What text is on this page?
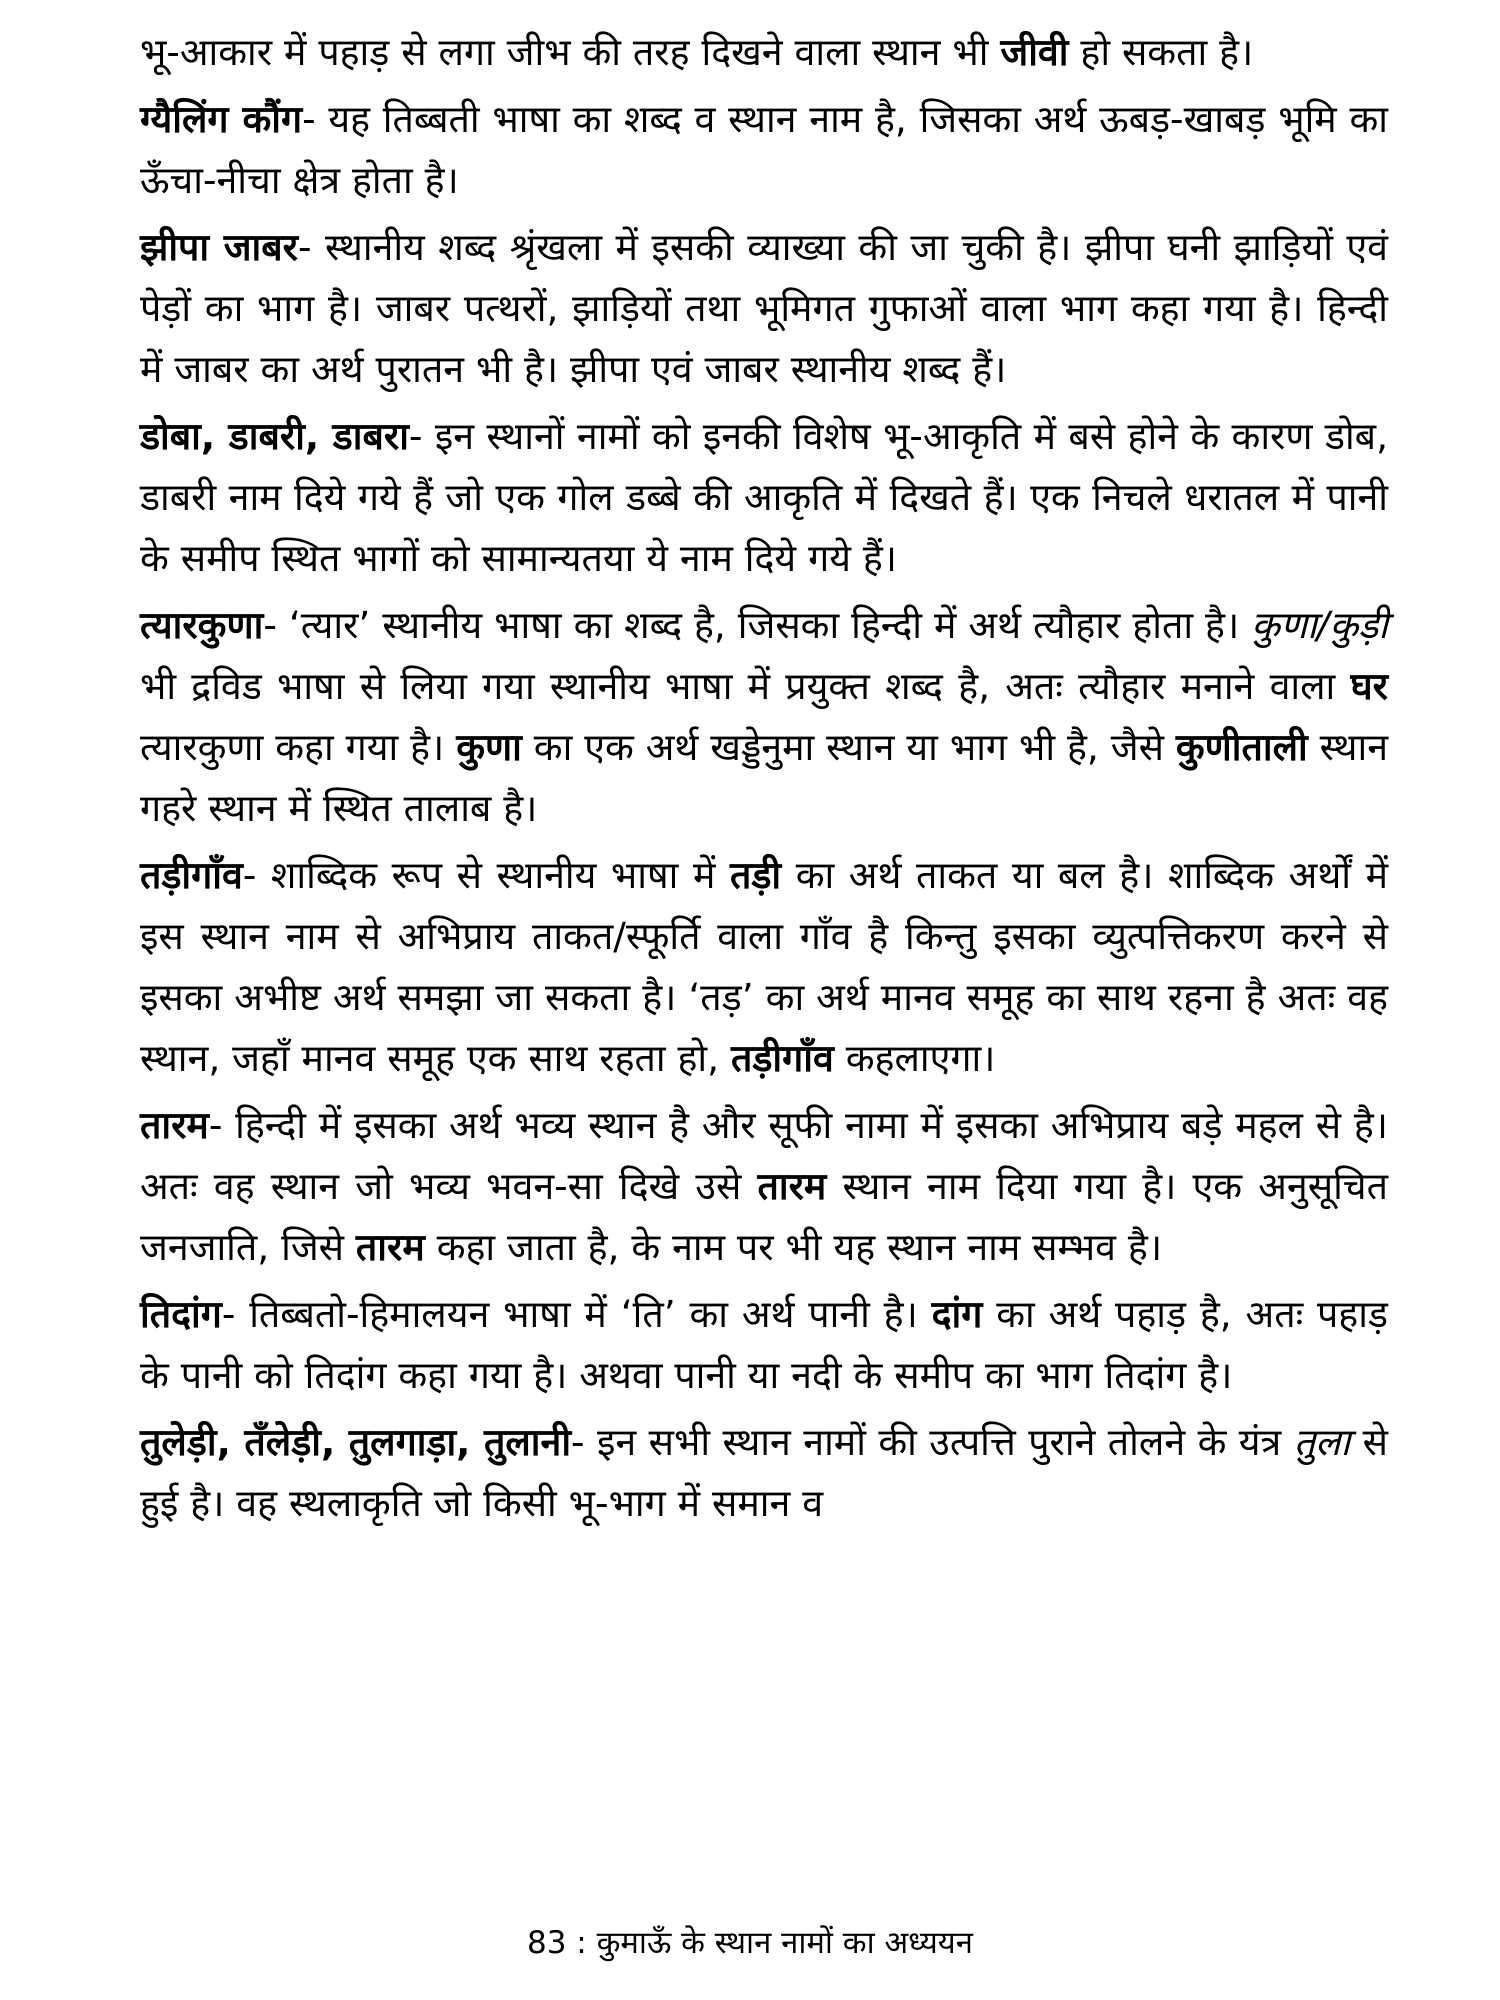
भू-आकार में पहाड़ से लगा जीभ की तरह दिखने वाला स्थान भी जीवी हो सकता है।

ग्यैलिंग कौंग- यह तिब्बती भाषा का शब्द व स्थान नाम है, जिसका अर्थ ऊबड़-खाबड़ भूमि का ऊँचा-नीचा क्षेत्र होता है।

झीपा जाबर- स्थानीय शब्द श्रृंखला में इसकी व्याख्या की जा चुकी है। झीपा घनी झाड़ियों एवं पेड़ों का भाग है। जाबर पत्थरों, झाड़ियों तथा भूमिगत गुफाओं वाला भाग कहा गया है। हिन्दी में जाबर का अर्थ पुरातन भी है। झीपा एवं जाबर स्थानीय शब्द हैं।

डोबा, डाबरी, डाबरा- इन स्थानों नामों को इनकी विशेष भू-आकृति में बसे होने के कारण डोब, डाबरी नाम दिये गये हैं जो एक गोल डब्बे की आकृति में दिखते हैं। एक निचले धरातल में पानी के समीप स्थित भागों को सामान्यतया ये नाम दिये गये हैं।

त्यारकुणा- ‘त्यार’ स्थानीय भाषा का शब्द है, जिसका हिन्दी में अर्थ त्यौहार होता है। कुणा/कुड़ी भी द्रविड भाषा से लिया गया स्थानीय भाषा में प्रयुक्त शब्द है, अतः त्यौहार मनाने वाला घर त्यारकुणा कहा गया है। कुणा का एक अर्थ खड्डेनुमा स्थान या भाग भी है, जैसे कुणीताली स्थान गहरे स्थान में स्थित तालाब है।

तड़ीगाँव- शाब्दिक रूप से स्थानीय भाषा में तड़ी का अर्थ ताकत या बल है। शाब्दिक अर्थों में इस स्थान नाम से अभिप्राय ताकत/स्फूर्ति वाला गाँव है किन्तु इसका व्युत्पत्तिकरण करने से इसका अभीष्ट अर्थ समझा जा सकता है। ‘तड़’ का अर्थ मानव समूह का साथ रहना है अतः वह स्थान, जहाँ मानव समूह एक साथ रहता हो, तड़ीगाँव कहलाएगा।

तारम- हिन्दी में इसका अर्थ भव्य स्थान है और सूफी नामा में इसका अभिप्राय बड़े महल से है। अतः वह स्थान जो भव्य भवन-सा दिखे उसे तारम स्थान नाम दिया गया है। एक अनुसूचित जनजाति, जिसे तारम कहा जाता है, के नाम पर भी यह स्थान नाम सम्भव है।

तिदांग- तिब्बतो-हिमालयन भाषा में ‘ति’ का अर्थ पानी है। दांग का अर्थ पहाड़ है, अतः पहाड़ के पानी को तिदांग कहा गया है। अथवा पानी या नदी के समीप का भाग तिदांग है।

तुलेड़ी, तँलेड़ी, तुलगाड़ा, तुलानी- इन सभी स्थान नामों की उत्पत्ति पुराने तोलने के यंत्र तुला से हुई है। वह स्थलाकृति जो किसी भू-भाग में समान व

83 : कुमाऊँ के स्थान नामों का अध्ययन
